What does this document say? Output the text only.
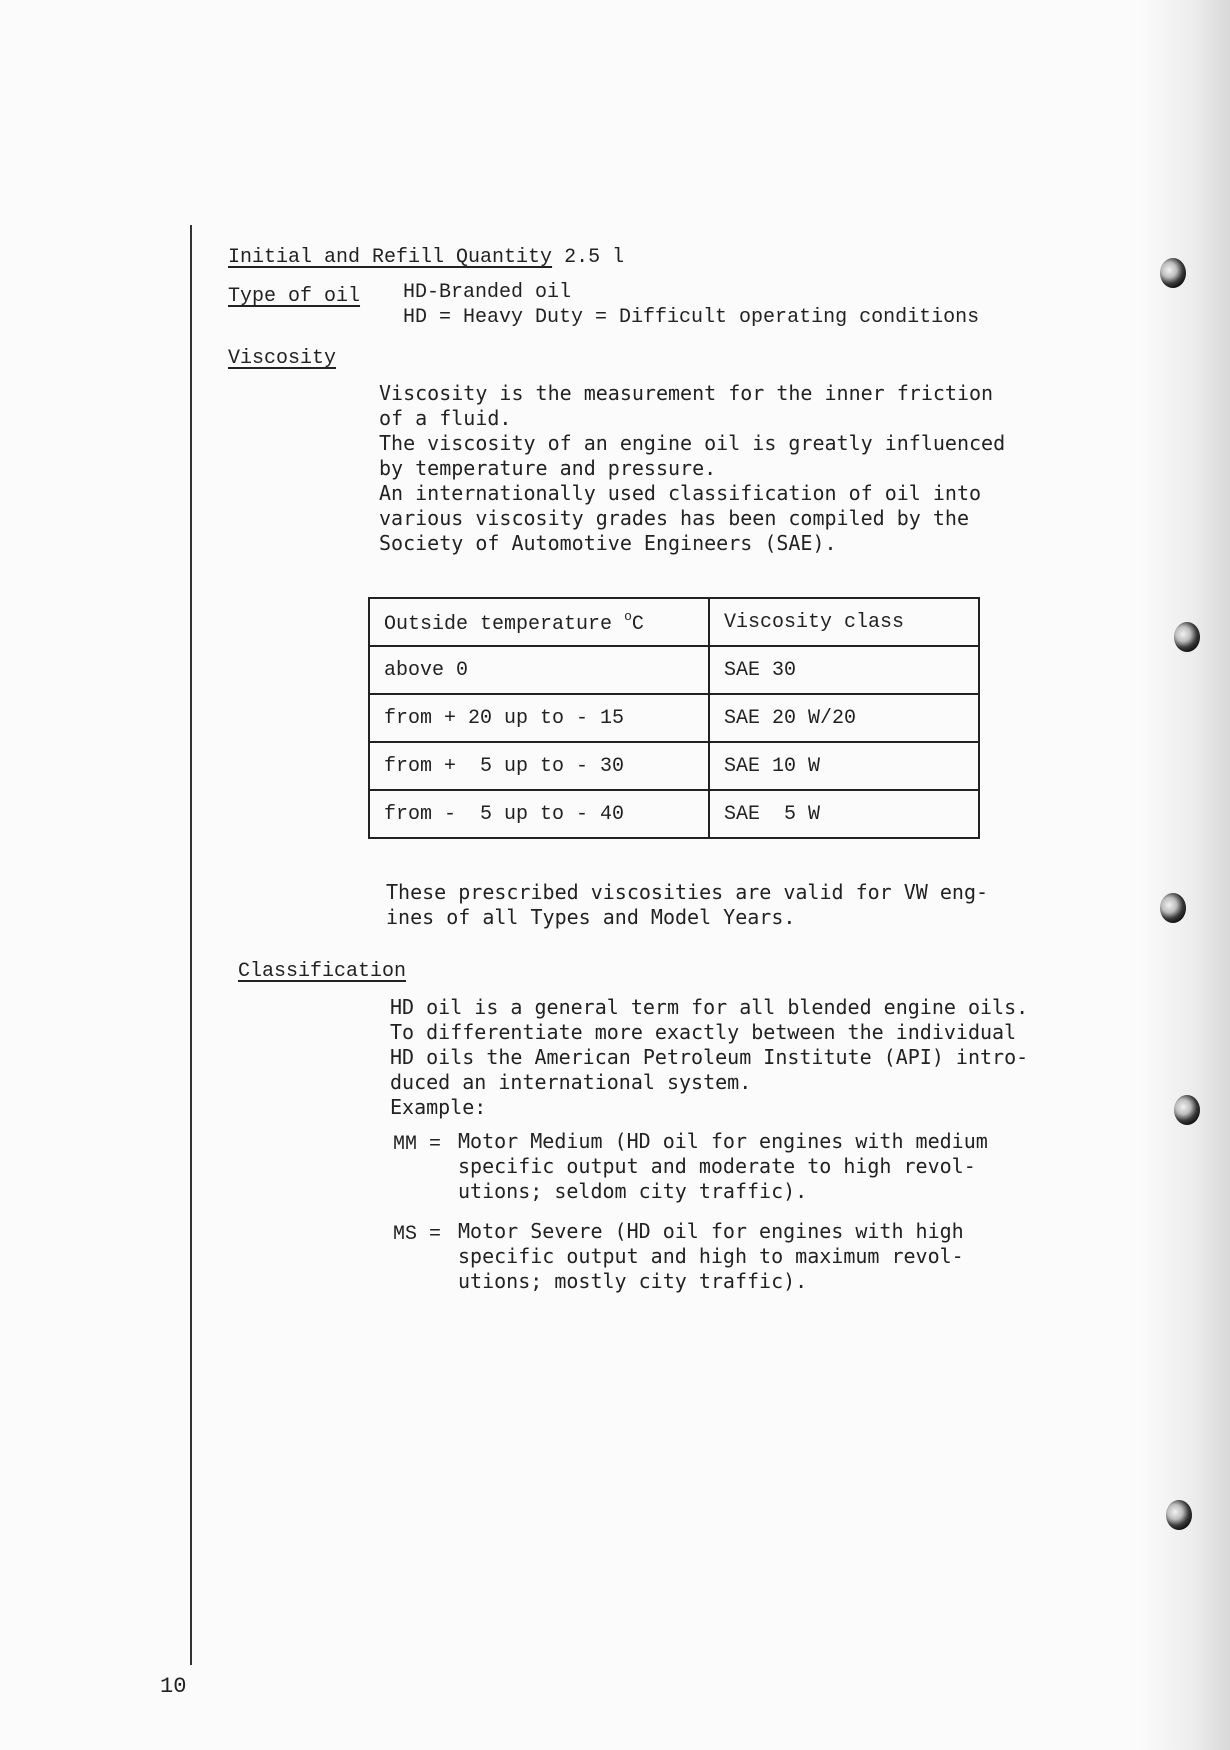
Initial and Refill Quantity 2.5 l
Type of oil HD-Branded oil
HD = Heavy Duty = Difficult operating conditions
Viscosity
Viscosity is the measurement for the inner friction
of a fluid.
The viscosity of an engine oil is greatly influenced
by temperature and pressure.
An internationally used classification of oil into
various viscosity grades has been compiled by the
Society of Automotive Engineers (SAE).
Outside temperature $^o$C	Viscosity class
above 0	SAE 30
from + 20 up to - 15	SAE 20 W/20
from +  5 up to - 30	SAE 10 W
from -  5 up to - 40	SAE  5 W
These prescribed viscosities are valid for VW eng-
ines of all Types and Model Years.
Classification
HD oil is a general term for all blended engine oils.
To differentiate more exactly between the individual
HD oils the American Petroleum Institute (API) intro-
duced an international system.
Example:
MM = Motor Medium (HD oil for engines with medium
specific output and moderate to high revol-
utions; seldom city traffic).
MS = Motor Severe (HD oil for engines with high
specific output and high to maximum revol-
utions; mostly city traffic).
10
